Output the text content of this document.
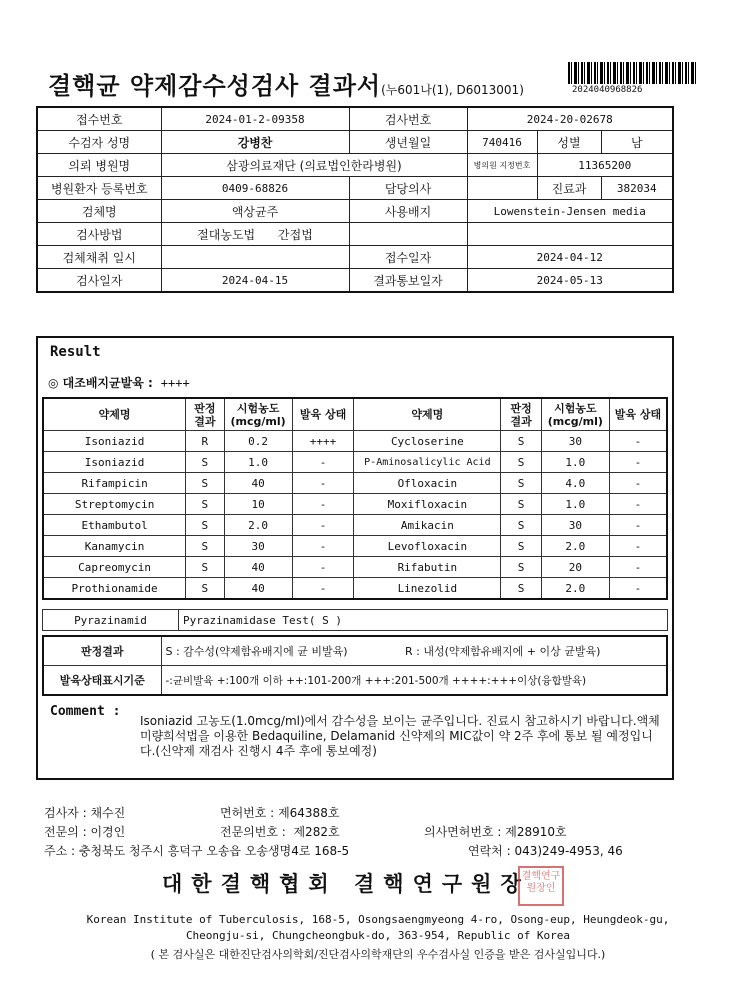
결핵균 약제감수성검사 결과서(누601나(1), D6013001)	2024040968826
접수번호	2024-01-2-09358	검사번호	2024-20-02678		
수검자 성명	강병찬	생년월일	740416	성별	남
의뢰 병원명	삼광의료재단 (의료법인한라병원)		병의원 지정번호	11365200	
병원환자 등록번호	0409-68826	담당의사		진료과	382034
검체명	액상균주	사용배지	Lowenstein-Jensen media		
검사방법	절대농도법 간접법				
검체채취 일시		접수일자	2024-04-12		
검사일자	2024-04-15	결과통보일자	2024-05-13		
Result
◎ 대조배지균발육 : ++++
약제명	판정 결과	시험농도 (mcg/ml)	발육 상태	약제명	판정 결과	시험농도 (mcg/ml)	발육 상태
Isoniazid	R	0.2	++++	Cycloserine	S	30	-
Isoniazid	S	1.0	-	P-Aminosalicylic Acid	S	1.0	-
Rifampicin	S	40	-	Ofloxacin	S	4.0	-
Streptomycin	S	10	-	Moxifloxacin	S	1.0	-
Ethambutol	S	2.0	-	Amikacin	S	30	-
Kanamycin	S	30	-	Levofloxacin	S	2.0	-
Capreomycin	S	40	-	Rifabutin	S	20	-
Prothionamide	S	40	-	Linezolid	S	2.0	-
Pyrazinamid	Pyrazinamidase Test( S )
판정결과	S : 감수성(약제함유배지에 균 비발육)	R : 내성(약제함유배지에 + 이상 균발육)
발육상태표시기준	-:균비발육 +:100개 이하 ++:101-200개 +++:201-500개 ++++:+++이상(융합발육)	
Comment :
Isoniazid 고농도(1.0mcg/ml)에서 감수성을 보이는 균주입니다. 진료시 참고하시기 바랍니다.액체미량희석법을 이용한 Bedaquiline, Delamanid 신약제의 MIC값이 약 2주 후에 통보 될 예정입니다.(신약제 재검사 진행시 4주 후에 통보예정)
검사자 : 채수진	면허번호 : 제64388호
전문의 : 이경인	전문의번호 : 제282호	의사면허번호 : 제28910호
주소 : 충청북도 청주시 흥덕구 오송읍 오송생명4로 168-5	연락처 : 043)249-4953, 46
대한결핵협회 결핵연구원장
결핵연구원장인
Korean Institute of Tuberculosis, 168-5, Osongsaengmyeong 4-ro, Osong-eup, Heungdeok-gu,
Cheongju-si, Chungcheongbuk-do, 363-954, Republic of Korea
( 본 검사실은 대한진단검사의학회/진단검사의학재단의 우수검사실 인증을 받은 검사실입니다.)
